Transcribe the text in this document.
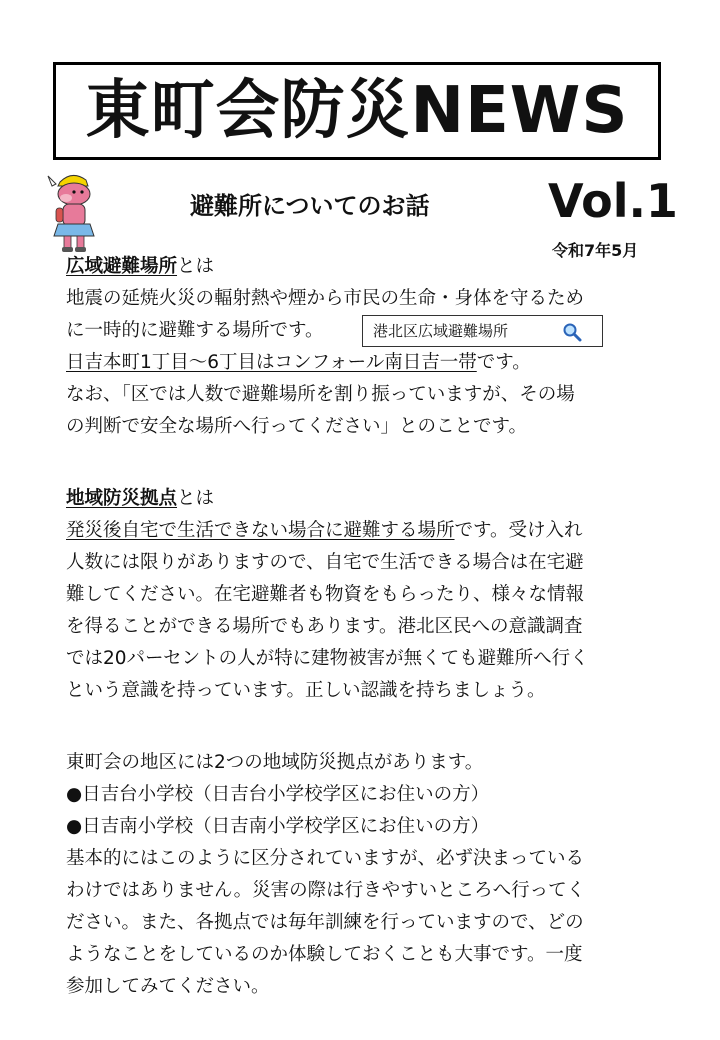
東町会防災NEWS
避難所についてのお話	Vol.1
令和7年5月
広域避難場所とは
地震の延焼火災の輻射熱や煙から市民の生命・身体を守るため
に一時的に避難する場所です。	港北区広域避難場所
日吉本町1丁目～6丁目はコンフォール南日吉一帯です。
なお、「区では人数で避難場所を割り振っていますが、その場
の判断で安全な場所へ行ってください」とのことです。
地域防災拠点とは
発災後自宅で生活できない場合に避難する場所です。受け入れ
人数には限りがありますので、自宅で生活できる場合は在宅避
難してください。在宅避難者も物資をもらったり、様々な情報
を得ることができる場所でもあります。港北区民への意識調査
では20パーセントの人が特に建物被害が無くても避難所へ行く
という意識を持っています。正しい認識を持ちましょう。
東町会の地区には2つの地域防災拠点があります。
●日吉台小学校（日吉台小学校学区にお住いの方）
●日吉南小学校（日吉南小学校学区にお住いの方）
基本的にはこのように区分されていますが、必ず決まっている
わけではありません。災害の際は行きやすいところへ行ってく
ださい。また、各拠点では毎年訓練を行っていますので、どの
ようなことをしているのか体験しておくことも大事です。一度
参加してみてください。
